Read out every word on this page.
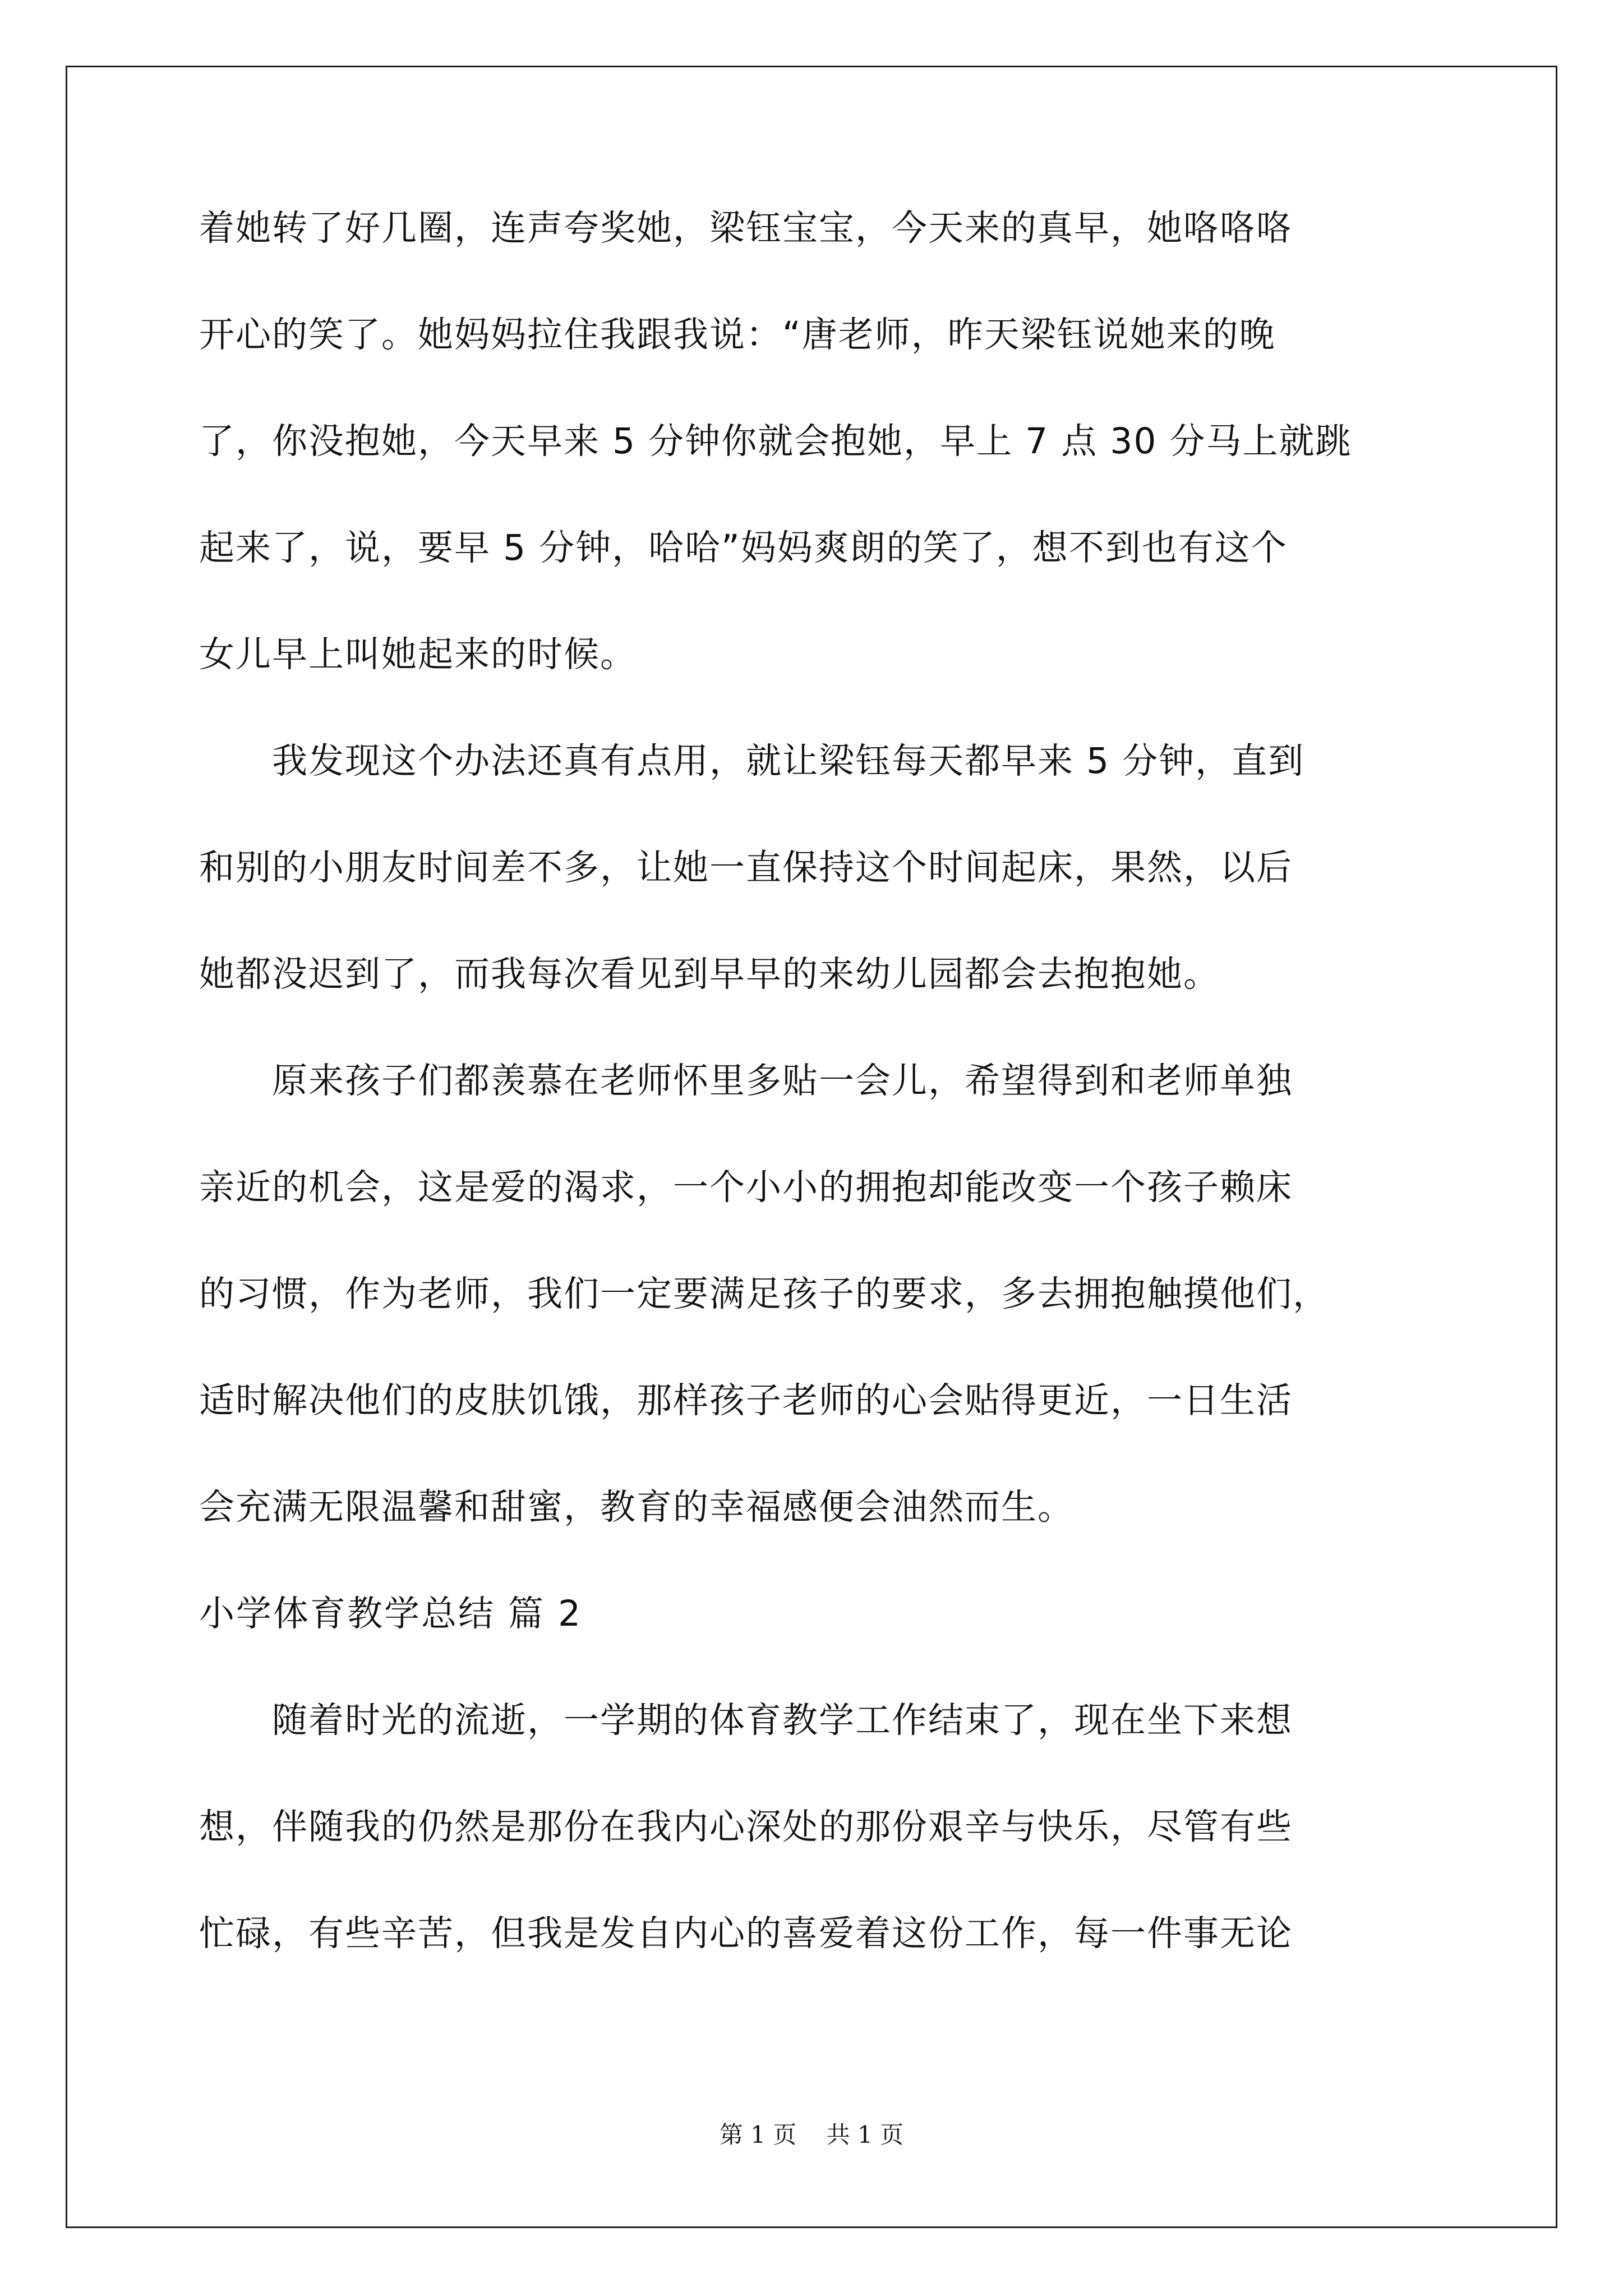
着她转了好几圈，连声夸奖她，梁钰宝宝，今天来的真早，她咯咯咯
开心的笑了。她妈妈拉住我跟我说：“唐老师，昨天梁钰说她来的晚
了，你没抱她，今天早来 5 分钟你就会抱她，早上 7 点 30 分马上就跳
起来了，说，要早 5 分钟，哈哈”妈妈爽朗的笑了，想不到也有这个
女儿早上叫她起来的时候。
　　我发现这个办法还真有点用，就让梁钰每天都早来 5 分钟，直到
和别的小朋友时间差不多，让她一直保持这个时间起床，果然，以后
她都没迟到了，而我每次看见到早早的来幼儿园都会去抱抱她。
　　原来孩子们都羡慕在老师怀里多贴一会儿，希望得到和老师单独
亲近的机会，这是爱的渴求，一个小小的拥抱却能改变一个孩子赖床
的习惯，作为老师，我们一定要满足孩子的要求，多去拥抱触摸他们，
适时解决他们的皮肤饥饿，那样孩子老师的心会贴得更近，一日生活
会充满无限温馨和甜蜜，教育的幸福感便会油然而生。
小学体育教学总结 篇 2
　　随着时光的流逝，一学期的体育教学工作结束了，现在坐下来想
想，伴随我的仍然是那份在我内心深处的那份艰辛与快乐，尽管有些
忙碌，有些辛苦，但我是发自内心的喜爱着这份工作，每一件事无论
第 1 页 共 1 页
